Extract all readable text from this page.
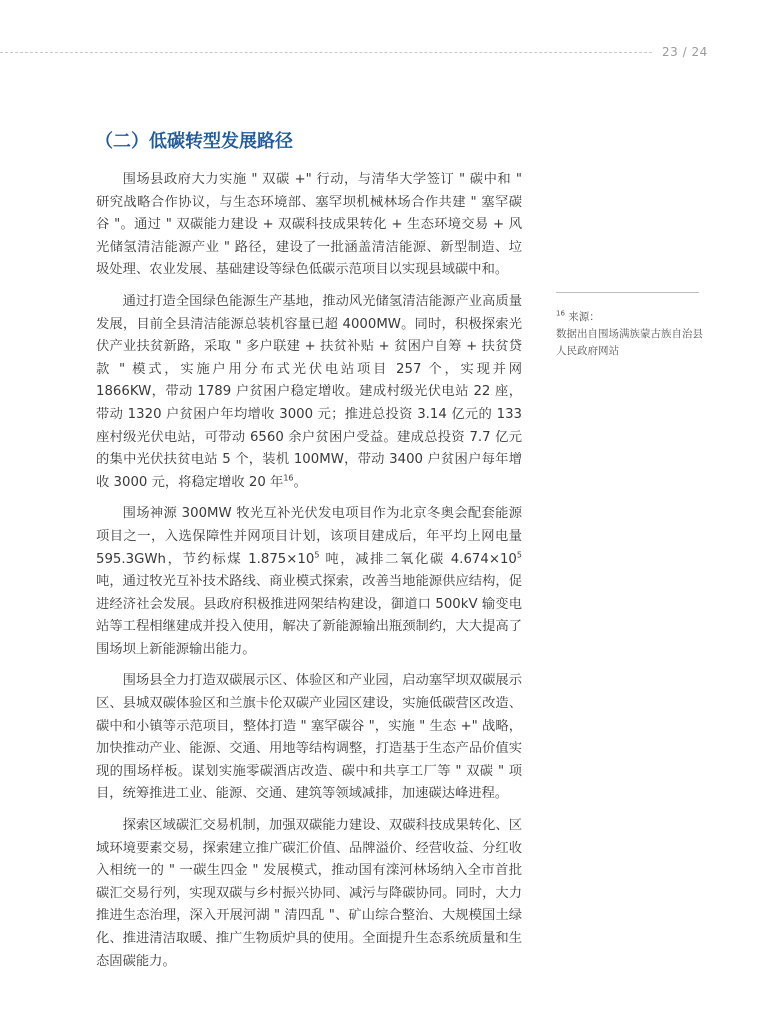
23 / 24
（二）低碳转型发展路径

围场县政府大力实施 " 双碳 +" 行动，与清华大学签订 " 碳中和 " 研究战略合作协议，与生态环境部、塞罕坝机械林场合作共建 " 塞罕碳谷 "。通过 " 双碳能力建设 + 双碳科技成果转化 + 生态环境交易 + 风光储氢清洁能源产业 " 路径，建设了一批涵盖清洁能源、新型制造、垃圾处理、农业发展、基础建设等绿色低碳示范项目以实现县域碳中和。

通过打造全国绿色能源生产基地，推动风光储氢清洁能源产业高质量发展，目前全县清洁能源总装机容量已超 4000MW。同时，积极探索光伏产业扶贫新路，采取 " 多户联建 + 扶贫补贴 + 贫困户自筹 + 扶贫贷款 " 模式，实施户用分布式光伏电站项目 257 个，实现并网 1866KW，带动 1789 户贫困户稳定增收。建成村级光伏电站 22 座，带动 1320 户贫困户年均增收 3000 元；推进总投资 3.14 亿元的 133 座村级光伏电站，可带动 6560 余户贫困户受益。建成总投资 7.7 亿元的集中光伏扶贫电站 5 个，装机 100MW，带动 3400 户贫困户每年增收 3000 元，将稳定增收 20 年$^{16}$。

围场神源 300MW 牧光互补光伏发电项目作为北京冬奥会配套能源项目之一，入选保障性并网项目计划，该项目建成后，年平均上网电量 595.3GWh，节约标煤 $1.875\times 10^5$ 吨，减排二氧化碳 $4.674\times 10^5$ 吨，通过牧光互补技术路线、商业模式探索，改善当地能源供应结构，促进经济社会发展。县政府积极推进网架结构建设，御道口 500kV 输变电站等工程相继建成并投入使用，解决了新能源输出瓶颈制约，大大提高了围场坝上新能源输出能力。

围场县全力打造双碳展示区、体验区和产业园，启动塞罕坝双碳展示区、县城双碳体验区和兰旗卡伦双碳产业园区建设，实施低碳营区改造、碳中和小镇等示范项目，整体打造 " 塞罕碳谷 "，实施 " 生态 +" 战略，加快推动产业、能源、交通、用地等结构调整，打造基于生态产品价值实现的围场样板。谋划实施零碳酒店改造、碳中和共享工厂等 " 双碳 " 项目，统筹推进工业、能源、交通、建筑等领域减排，加速碳达峰进程。

探索区域碳汇交易机制，加强双碳能力建设、双碳科技成果转化、区域环境要素交易，探索建立推广碳汇价值、品牌溢价、经营收益、分红收入相统一的 " 一碳生四金 " 发展模式，推动国有滦河林场纳入全市首批碳汇交易行列，实现双碳与乡村振兴协同、减污与降碳协同。同时，大力推进生态治理，深入开展河湖 " 清四乱 "、矿山综合整治、大规模国土绿化、推进清洁取暖、推广生物质炉具的使用。全面提升生态系统质量和生态固碳能力。

$^{16}$ 来源：
数据出自围场满族蒙古族自治县人民政府网站
